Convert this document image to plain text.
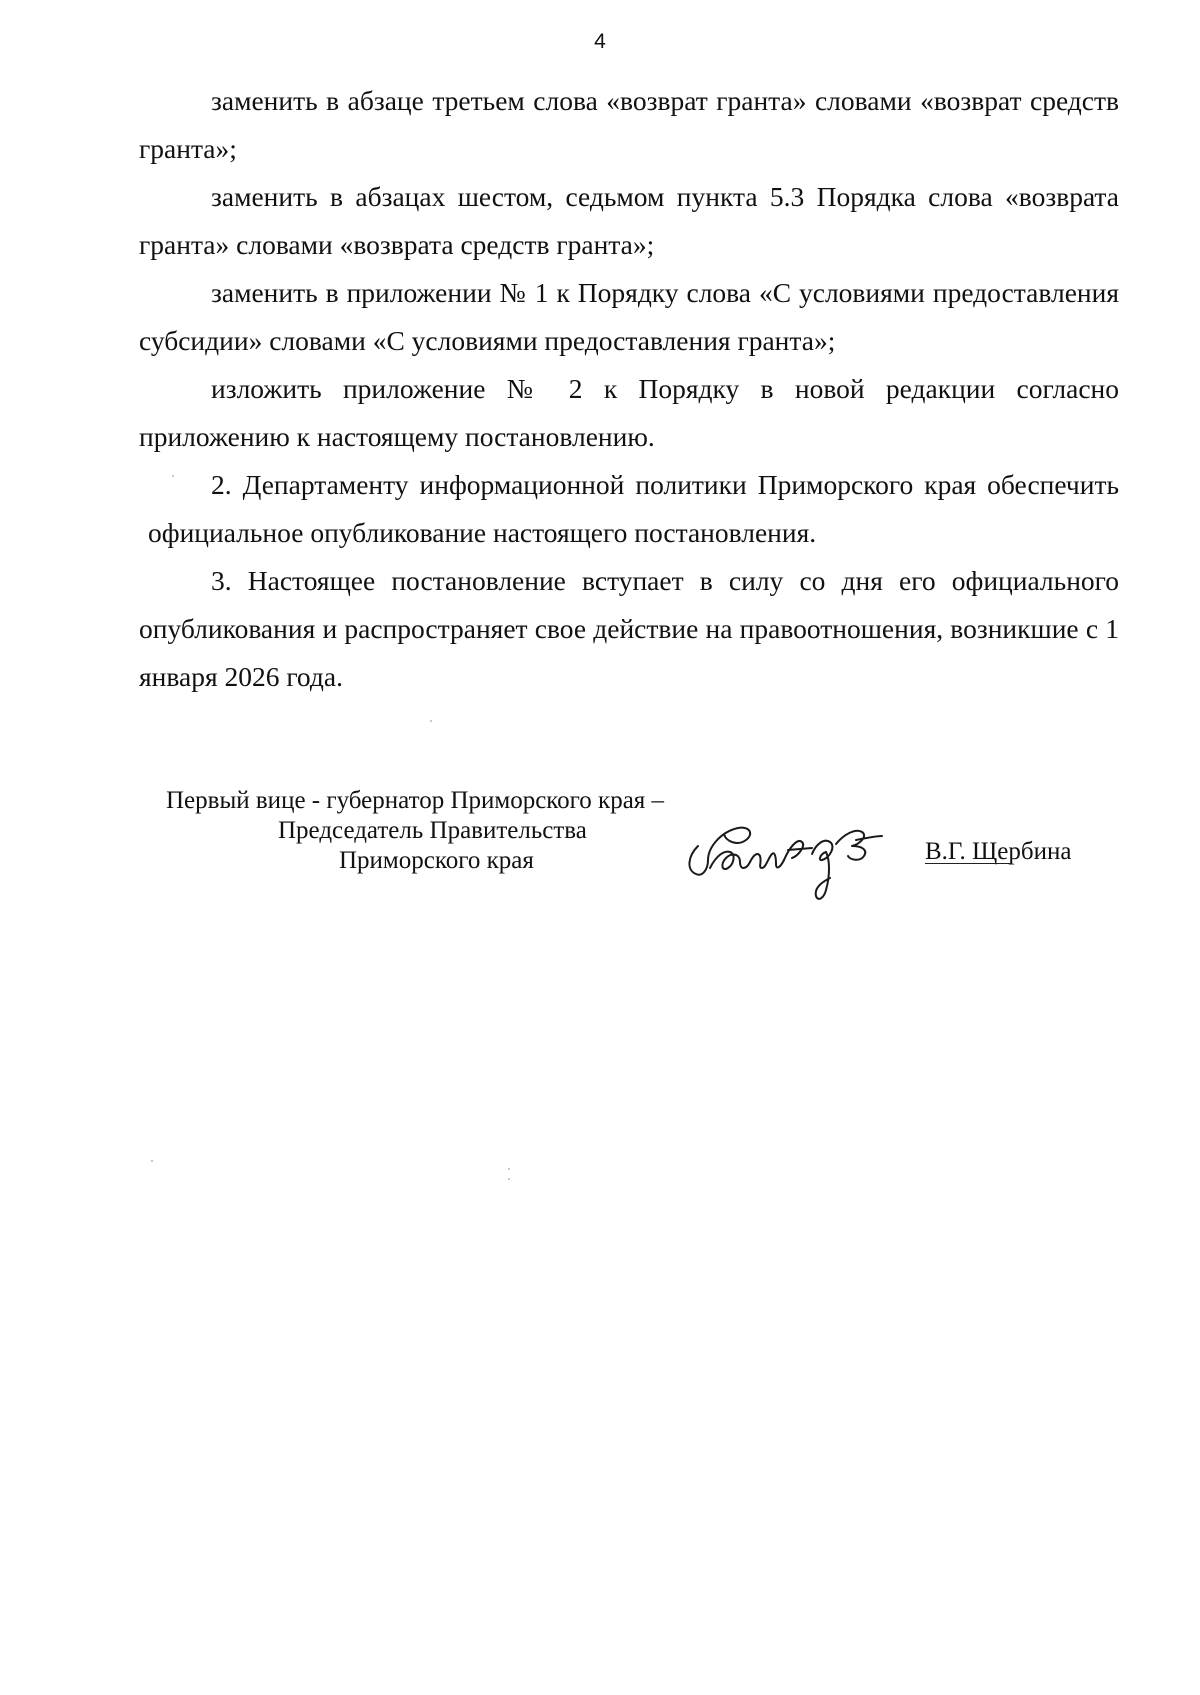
4

заменить в абзаце третьем слова «возврат гранта» словами «возврат средств гранта»;

заменить в абзацах шестом, седьмом пункта 5.3 Порядка слова «возврата гранта» словами «возврата средств гранта»;

заменить в приложении № 1 к Порядку слова «С условиями предоставления субсидии» словами «С условиями предоставления гранта»;

изложить приложение № 2 к Порядку в новой редакции согласно приложению к настоящему постановлению.

2. Департаменту информационной политики Приморского края обеспечить официальное опубликование настоящего постановления.

3. Настоящее постановление вступает в силу со дня его официального опубликования и распространяет свое действие на правоотношения, возникшие с 1 января 2026 года.

Первый вице - губернатор Приморского края –
Председатель Правительства
Приморского края	В.Г. Щербина
